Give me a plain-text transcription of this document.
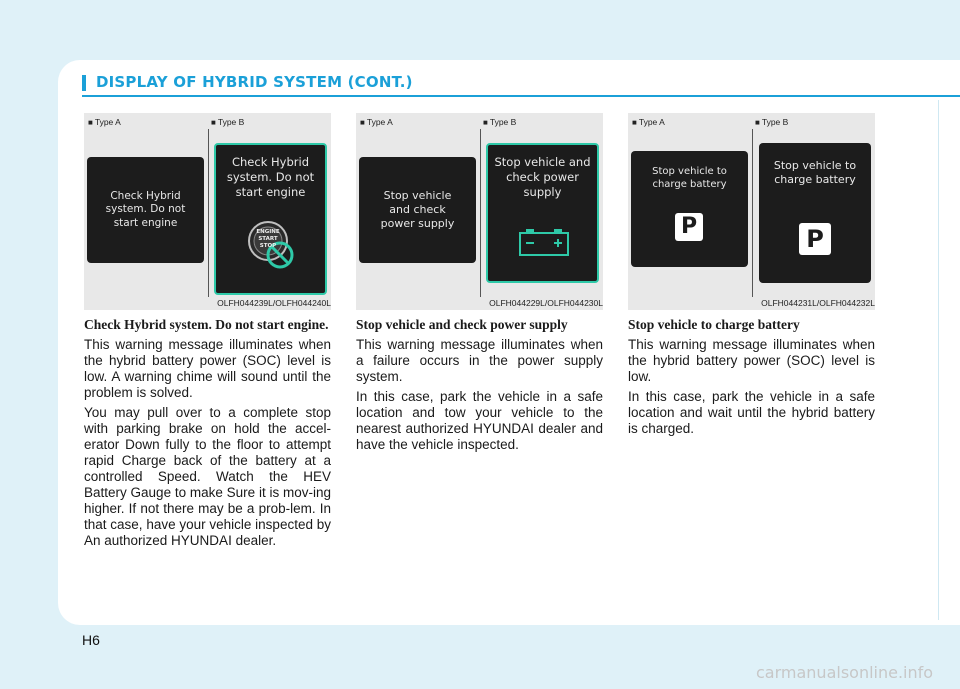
DISPLAY OF HYBRID SYSTEM (CONT.)
■ Type A	■ Type B
Check Hybrid system. Do not start engine
Check Hybrid system. Do not start engine
ENGINE START STOP
OLFH044239L/OLFH044240L
■ Type A	■ Type B
Stop vehicle and check power supply
Stop vehicle and check power supply
OLFH044229L/OLFH044230L
■ Type A	■ Type B
Stop vehicle to charge battery
P
Stop vehicle to charge battery
P
OLFH044231L/OLFH044232L

Check Hybrid system. Do not start engine.

This warning message illuminates when the hybrid battery power (SOC) level is low. A warning chime will sound until the problem is solved.

You may pull over to a complete stop with parking brake on hold the accel-erator Down fully to the floor to attempt rapid Charge back of the battery at a controlled Speed. Watch the HEV Battery Gauge to make Sure it is mov-ing higher. If not there may be a prob-lem. In that case, have your vehicle inspected by An authorized HYUNDAI dealer.

Stop vehicle and check power supply

This warning message illuminates when a failure occurs in the power supply system.

In this case, park the vehicle in a safe location and tow your vehicle to the nearest authorized HYUNDAI dealer and have the vehicle inspected.

Stop vehicle to charge battery

This warning message illuminates when the hybrid battery power (SOC) level is low.

In this case, park the vehicle in a safe location and wait until the hybrid battery is charged.

H6
carmanualsonline.info
